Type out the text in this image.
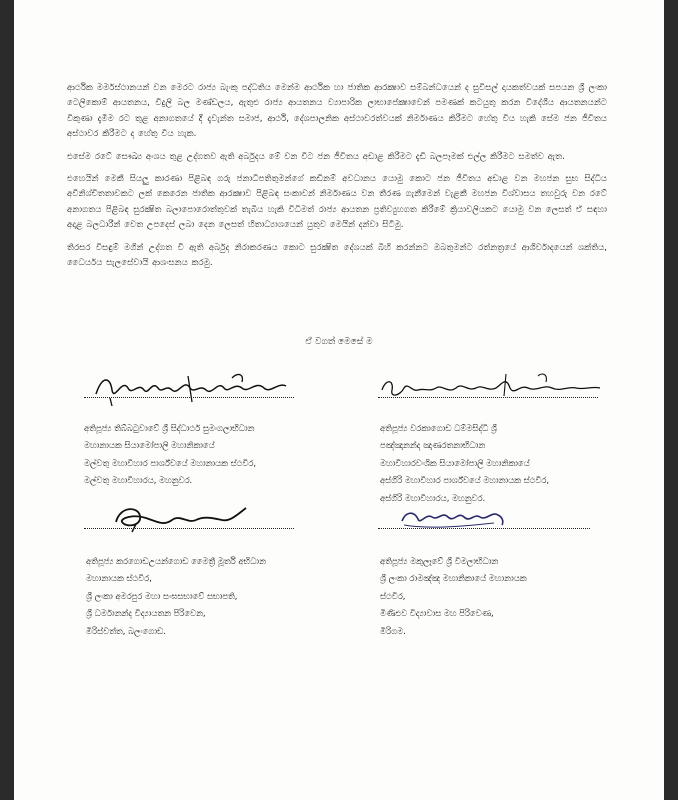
ආර්ථික මර්මස්ථානයන් වන මෙරට රාජ්‍ය බැංකු පද්ධතිය මෙන්ම ආර්ථික හා ජාතික ආරක්‍ෂාව සම්බන්ධයෙන් ද සුවිසල් දායකත්වයක් සපයන ශ්‍රී ලංකා ටෙලිකොම් ආයතනය, විදුලි බල මණ්ඩලය, ඇතුළු රාජ්‍ය ආයතනය ව්‍යාපාරික ලාභාපේක්‍ෂාවෙන් පමණක් කටයුතු කරන විදේශීය ආයතනයන්ට විකුණා දැමීම රට තුළ අනාගතයේ දී දැවැන්ත සමාජ, ආර්ථි, දේශපාලනික අස්ථාවරත්වයක් නිර්මාණය කිරීමට හේතු විය හැකි සේම ජන ජීවිතය අස්ථාවර කිරීමට ද හේතු විය හැක.

එසේම රටේ සෞඛ්‍ය අංශය තුළ උද්ගතව ඇති අර්බුදය මේ වන විට ජන ජීවිතය අඩාළ කිරීමට දැඩි බලපෑමක් එල්ල කිරීමට සමත්ව ඇත.

එහෙයින් මෙකී සියලු කාරණා පිළිබඳ ගරු ජනාධිපතිතුමන්ගේ කඩිනම් අවධානය යොමු කොට ජන ජීවිතය අඩාළ වන මහජන සුභ සිද්ධිය අවිනිශ්චිතතාවකට ලක් කෙරෙන ජාතික ආරක්‍ෂාව පිළිබඳ සංකාවන් නිර්මාණය වන තීරණ ගැනීමෙන් වැළකී මහජන විශ්වාසය තහවුරු වන රටේ අනාගතය පිළිබඳ සුරක්‍ෂිත බලාපොරොත්තුවක් තැබිය හැකි විධිමත් රාජ්‍ය ආයතන ප්‍රතිව්‍යුහගත කිරීමේ ක්‍රියාවලියකට යොමු වන ලෙසත් ඒ සඳහා අදාළ බලධාරීන් වෙත උපදෙස් ලබා දෙන ලෙසත් හිතාධ්‍යාශයෙන් යුතුව මෙයින් දන්වා සිටිමු.

තිරසර විසඳුම් මගින් උද්ගත වී ඇති අර්බුද නිරාකරණය කොට සුරක්‍ෂිත දේශයක් බිහි කරන්නට ඔබතුමන්ට රත්නත්‍රයේ ආශිර්වාදයෙන් ශක්තිය, ධෛර්යය සැලසේවායි ආශංසනය කරමු.

ඒ වගත් මෙසේ ම

අතිපූජ්‍ය තිබ්බටුවාවේ ශ්‍රී සිද්ධාර්ථ සුමංගලාභිධාන
මහානායක සියාමෝපාලි මහානිකායේ
මල්වතු මහාවිහාර පාර්ශ්වයේ මහානායක ස්ථවිර,
මල්වතු මහාවිහාරය, මහනුවර.

අතිපූජ්‍ය වරකාගොඩ ධම්මසිද්ධි ශ්‍රී
පඤ්ඤානන්ද ඤාණරතනාභිධාන
මහාවිහාරවංශික සියාමෝපාලි මහානිකායේ
අස්ගිරි මහාවිහාර පාර්ශ්වයේ මහානායක ස්ථවිර,
අස්ගිරි මහාවිහාරය, මහනුවර.

අතිපූජ්‍ය කරගොඩඋයන්ගොඩ මෛත්‍රී මූර්ති අභිධාන
මහානායක ස්ථවිර,
ශ්‍රී ලංකා අමරපුර මහා සංඝසභාවේ සභාපති,
ශ්‍රී ධර්මානන්ද විද්‍යායතන පිරිවෙන,
මිරිස්වත්ත, බලංගොඩ.

අතිපූජ්‍ය මකුලෑවේ ශ්‍රී විමලාභිධාන
ශ්‍රී ලංකා රාමඤ්ඤ මහානිකායේ මහානායක
ස්ථවිර,
මිණිඑව විද්‍යාවාස මහ පිරිවෙණ,
මිරිගම.
